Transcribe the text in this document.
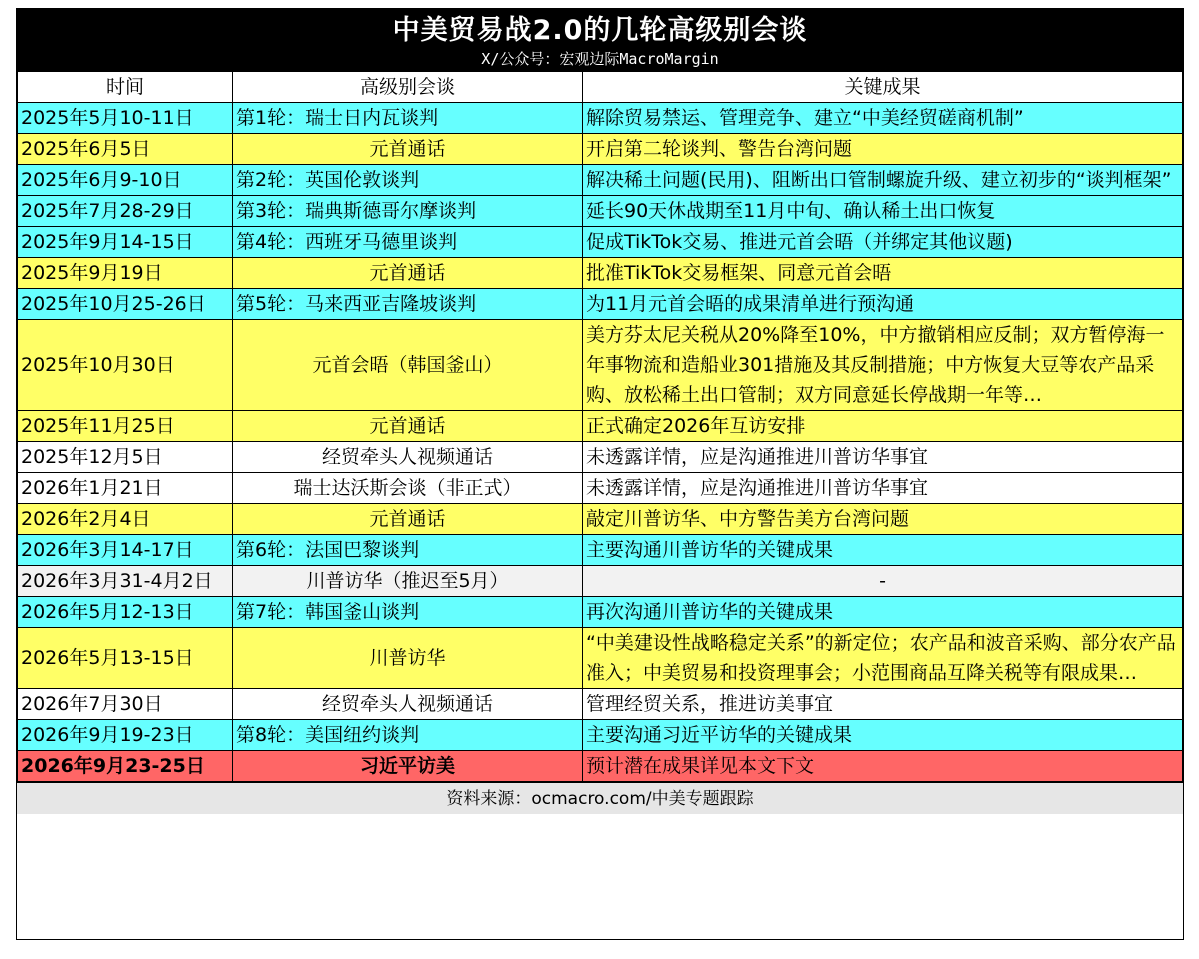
中美贸易战2.0的几轮高级别会谈
X/公众号：宏观边际MacroMargin
时间	高级别会谈	关键成果
2025年5月10-11日	第1轮：瑞士日内瓦谈判	解除贸易禁运、管理竞争、建立“中美经贸磋商机制”
2025年6月5日	元首通话	开启第二轮谈判、警告台湾问题
2025年6月9-10日	第2轮：英国伦敦谈判	解决稀土问题(民用)、阻断出口管制螺旋升级、建立初步的“谈判框架”
2025年7月28-29日	第3轮：瑞典斯德哥尔摩谈判	延长90天休战期至11月中旬、确认稀土出口恢复
2025年9月14-15日	第4轮：西班牙马德里谈判	促成TikTok交易、推进元首会晤（并绑定其他议题)
2025年9月19日	元首通话	批准TikTok交易框架、同意元首会晤
2025年10月25-26日	第5轮：马来西亚吉隆坡谈判	为11月元首会晤的成果清单进行预沟通
2025年10月30日	元首会晤（韩国釜山）	美方芬太尼关税从20%降至10%，中方撤销相应反制；双方暂停海一年事物流和造船业301措施及其反制措施；中方恢复大豆等农产品采购、放松稀土出口管制；双方同意延长停战期一年等…
2025年11月25日	元首通话	正式确定2026年互访安排
2025年12月5日	经贸牵头人视频通话	未透露详情，应是沟通推进川普访华事宜
2026年1月21日	瑞士达沃斯会谈（非正式）	未透露详情，应是沟通推进川普访华事宜
2026年2月4日	元首通话	敲定川普访华、中方警告美方台湾问题
2026年3月14-17日	第6轮：法国巴黎谈判	主要沟通川普访华的关键成果
2026年3月31-4月2日	川普访华（推迟至5月）	-
2026年5月12-13日	第7轮：韩国釜山谈判	再次沟通川普访华的关键成果
2026年5月13-15日	川普访华	“中美建设性战略稳定关系”的新定位；农产品和波音采购、部分农产品准入；中美贸易和投资理事会；小范围商品互降关税等有限成果…
2026年7月30日	经贸牵头人视频通话	管理经贸关系，推进访美事宜
2026年9月19-23日	第8轮：美国纽约谈判	主要沟通习近平访华的关键成果
2026年9月23-25日	习近平访美	预计潜在成果详见本文下文
资料来源：ocmacro.com/中美专题跟踪
